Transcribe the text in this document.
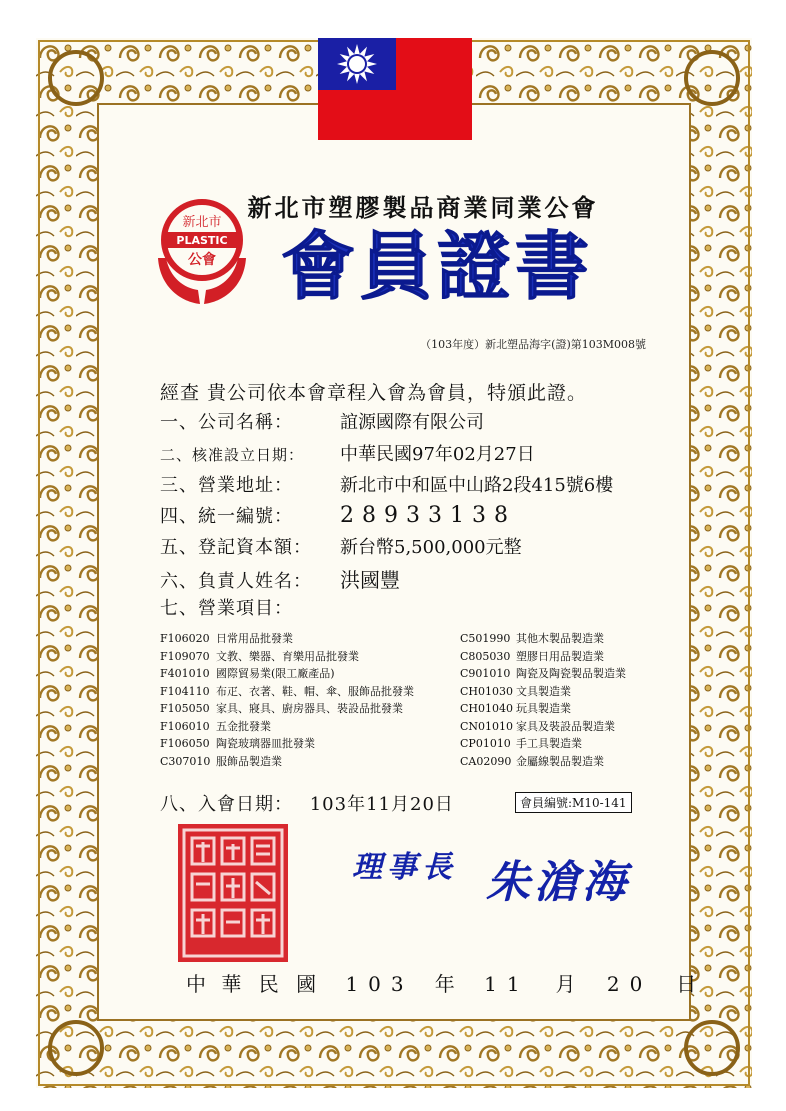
新北市塑膠製品商業同業公會
新北市
PLASTIC
公會 會員證書
（103年度）新北塑品海字(證)第103M008號
經查 貴公司依本會章程入會為會員，特頒此證。
一、公司名稱：	誼源國際有限公司
二、核准設立日期： 中華民國97年02月27日
三、營業地址：	新北市中和區中山路2段415號6樓
四、統一編號： 28933138
五、登記資本額： 新台幣5,500,000元整
六、負責人姓名： 洪國豐
七、營業項目：
F106020 日常用品批發業
F109070 文教、樂器、育樂用品批發業
F401010 國際貿易業(限工廠產品)
F104110 布疋、衣著、鞋、帽、傘、服飾品批發業
F105050 家具、寢具、廚房器具、裝設品批發業
F106010 五金批發業
F106050 陶瓷玻璃器皿批發業
C307010 服飾品製造業
C501990 其他木製品製造業
C805030 塑膠日用品製造業
C901010 陶瓷及陶瓷製品製造業
CH01030 文具製造業
CH01040 玩具製造業
CN01010 家具及裝設品製造業
CP01010 手工具製造業
CA02090 金屬線製品製造業
八、入會日期： 103年11月20日	會員編號:M10-141
理事長 朱滄海
中 華 民 國 103 年 11 月 20 日
